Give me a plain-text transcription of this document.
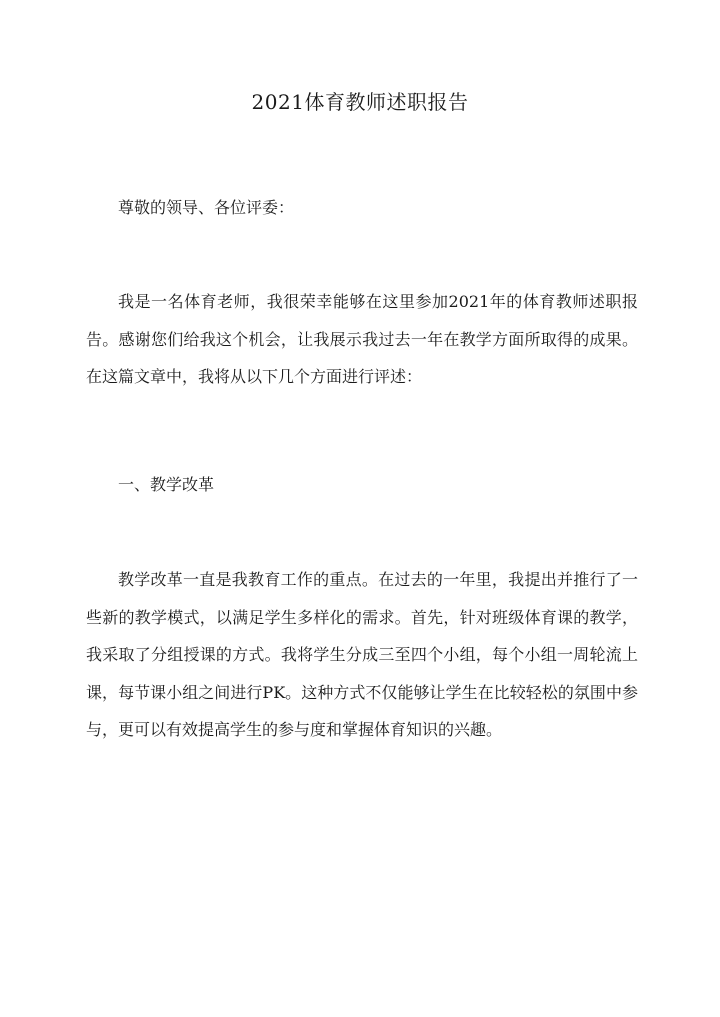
2021体育教师述职报告

尊敬的领导、各位评委：

我是一名体育老师，我很荣幸能够在这里参加2021年的体育教师述职报告。感谢您们给我这个机会，让我展示我过去一年在教学方面所取得的成果。在这篇文章中，我将从以下几个方面进行评述：

一、教学改革

教学改革一直是我教育工作的重点。在过去的一年里，我提出并推行了一些新的教学模式，以满足学生多样化的需求。首先，针对班级体育课的教学，我采取了分组授课的方式。我将学生分成三至四个小组，每个小组一周轮流上课，每节课小组之间进行PK。这种方式不仅能够让学生在比较轻松的氛围中参与，更可以有效提高学生的参与度和掌握体育知识的兴趣。
